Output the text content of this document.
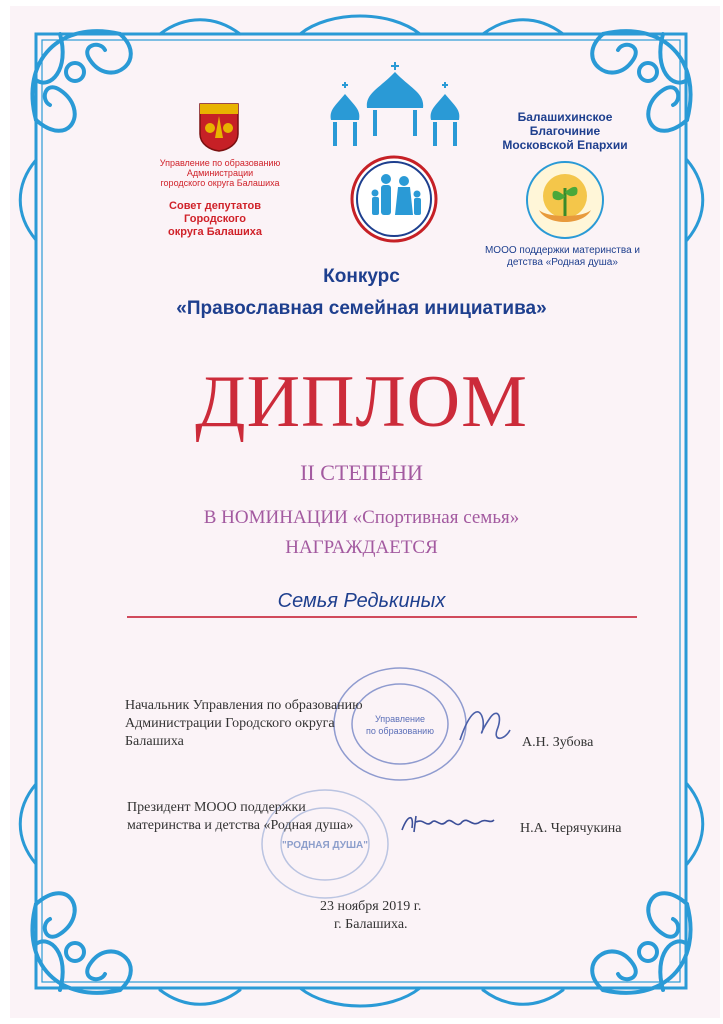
Управление по образованию
Администрации
городского округа Балашиха
Совет депутатов
Городского
округа Балашиха
Балашихинское
Благочиние
Московской Епархии
МООО поддержки материнства и
детства «Родная душа»
Конкурс
«Православная семейная инициатива»
ДИПЛОМ
II СТЕПЕНИ
В НОМИНАЦИИ «Спортивная семья»
НАГРАЖДАЕТСЯ
Семья Редькиных
Управление
по образованию
Начальник Управления по образованию
Администрации Городского округа
Балашиха	А.Н. Зубова
"РОДНАЯ ДУША"
Президент МООО поддержки
материнства и детства «Родная душа»	Н.А. Черячукина
23 ноября 2019 г.
г. Балашиха.
